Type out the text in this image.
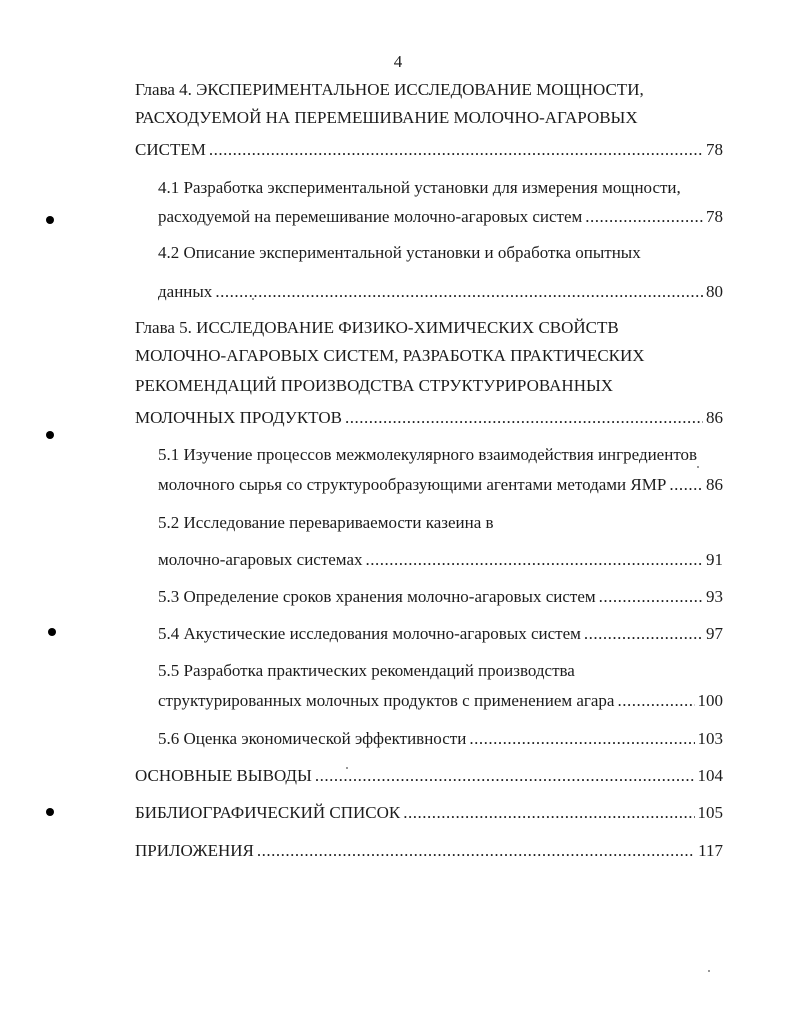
4
Глава 4. ЭКСПЕРИМЕНТАЛЬНОЕ ИССЛЕДОВАНИЕ МОЩНОСТИ,
РАСХОДУЕМОЙ НА ПЕРЕМЕШИВАНИЕ МОЛОЧНО-АГАРОВЫХ
СИСТЕМ .....	78
4.1 Разработка экспериментальной установки для измерения мощности,
расходуемой на перемешивание молочно-агаровых систем .....	78
4.2 Описание экспериментальной установки и обработка опытных
данных .....	80
Глава 5. ИССЛЕДОВАНИЕ ФИЗИКО-ХИМИЧЕСКИХ СВОЙСТВ
МОЛОЧНО-АГАРОВЫХ СИСТЕМ, РАЗРАБОТКА ПРАКТИЧЕСКИХ
РЕКОМЕНДАЦИЙ ПРОИЗВОДСТВА СТРУКТУРИРОВАННЫХ
МОЛОЧНЫХ ПРОДУКТОВ .....	86
5.1 Изучение процессов межмолекулярного взаимодействия ингредиентов
молочного сырья со структурообразующими агентами методами ЯМР ..... 86
5.2 Исследование перевариваемости казеина в
молочно-агаровых системах .....	91
5.3 Определение сроков хранения молочно-агаровых систем .....	93
5.4 Акустические исследования молочно-агаровых систем .....	97
5.5 Разработка практических рекомендаций производства
структурированных молочных продуктов с применением агара .....	100
5.6 Оценка экономической эффективности .....	103
ОСНОВНЫЕ ВЫВОДЫ .....	104
БИБЛИОГРАФИЧЕСКИЙ СПИСОК .....	105
ПРИЛОЖЕНИЯ .....	117
